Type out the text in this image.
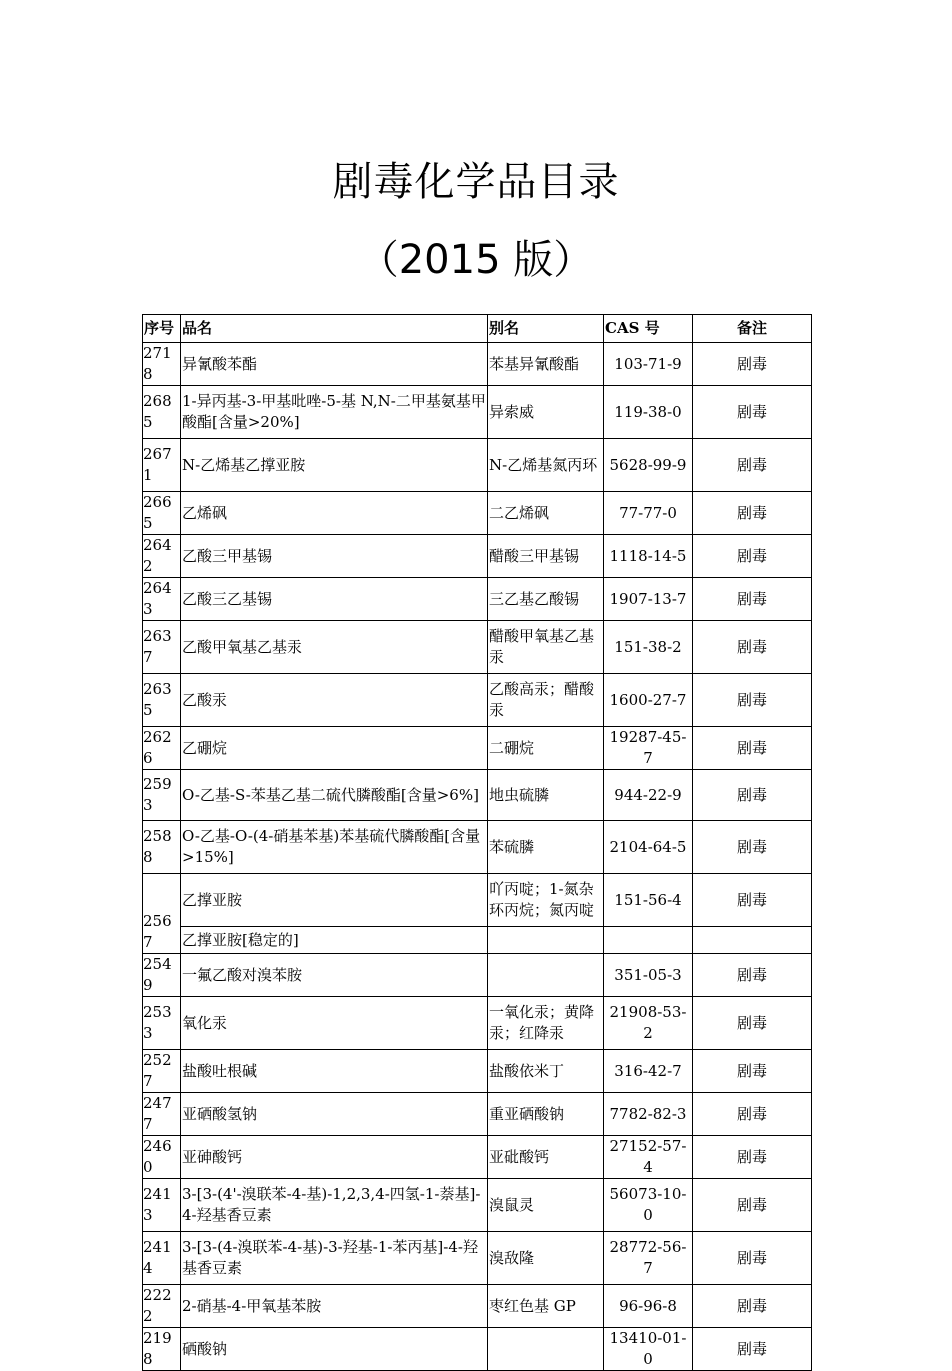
剧毒化学品目录
（2015 版）
序号	品名	别名	CAS 号	备注
2718	异氰酸苯酯	苯基异氰酸酯	103-71-9	剧毒
2685	1-异丙基-3-甲基吡唑-5-基 N,N-二甲基氨基甲酸酯[含量>20%]	异索威	119-38-0	剧毒
2671	N-乙烯基乙撑亚胺	N-乙烯基氮丙环	5628-99-9	剧毒
2665	乙烯砜	二乙烯砜	77-77-0	剧毒
2642	乙酸三甲基锡	醋酸三甲基锡	1118-14-5	剧毒
2643	乙酸三乙基锡	三乙基乙酸锡	1907-13-7	剧毒
2637	乙酸甲氧基乙基汞	醋酸甲氧基乙基汞	151-38-2	剧毒
2635	乙酸汞	乙酸高汞；醋酸汞	1600-27-7	剧毒
2626	乙硼烷	二硼烷	19287-45-7	剧毒
2593	O-乙基-S-苯基乙基二硫代膦酸酯[含量>6%]	地虫硫膦	944-22-9	剧毒
2588	O-乙基-O-(4-硝基苯基)苯基硫代膦酸酯[含量>15%]	苯硫膦	2104-64-5	剧毒
2567	乙撑亚胺	吖丙啶；1-氮杂环丙烷；氮丙啶	151-56-4	剧毒
	乙撑亚胺[稳定的]			
2549	一氟乙酸对溴苯胺		351-05-3	剧毒
2533	氧化汞	一氧化汞；黄降汞；红降汞	21908-53-2	剧毒
2527	盐酸吐根碱	盐酸依米丁	316-42-7	剧毒
2477	亚硒酸氢钠	重亚硒酸钠	7782-82-3	剧毒
2460	亚砷酸钙	亚砒酸钙	27152-57-4	剧毒
2413	3-[3-(4'-溴联苯-4-基)-1,2,3,4-四氢-1-萘基]-4-羟基香豆素	溴鼠灵	56073-10-0	剧毒
2414	3-[3-(4-溴联苯-4-基)-3-羟基-1-苯丙基]-4-羟基香豆素	溴敌隆	28772-56-7	剧毒
2222	2-硝基-4-甲氧基苯胺	枣红色基 GP	96-96-8	剧毒
2198	硒酸钠		13410-01-0	剧毒
